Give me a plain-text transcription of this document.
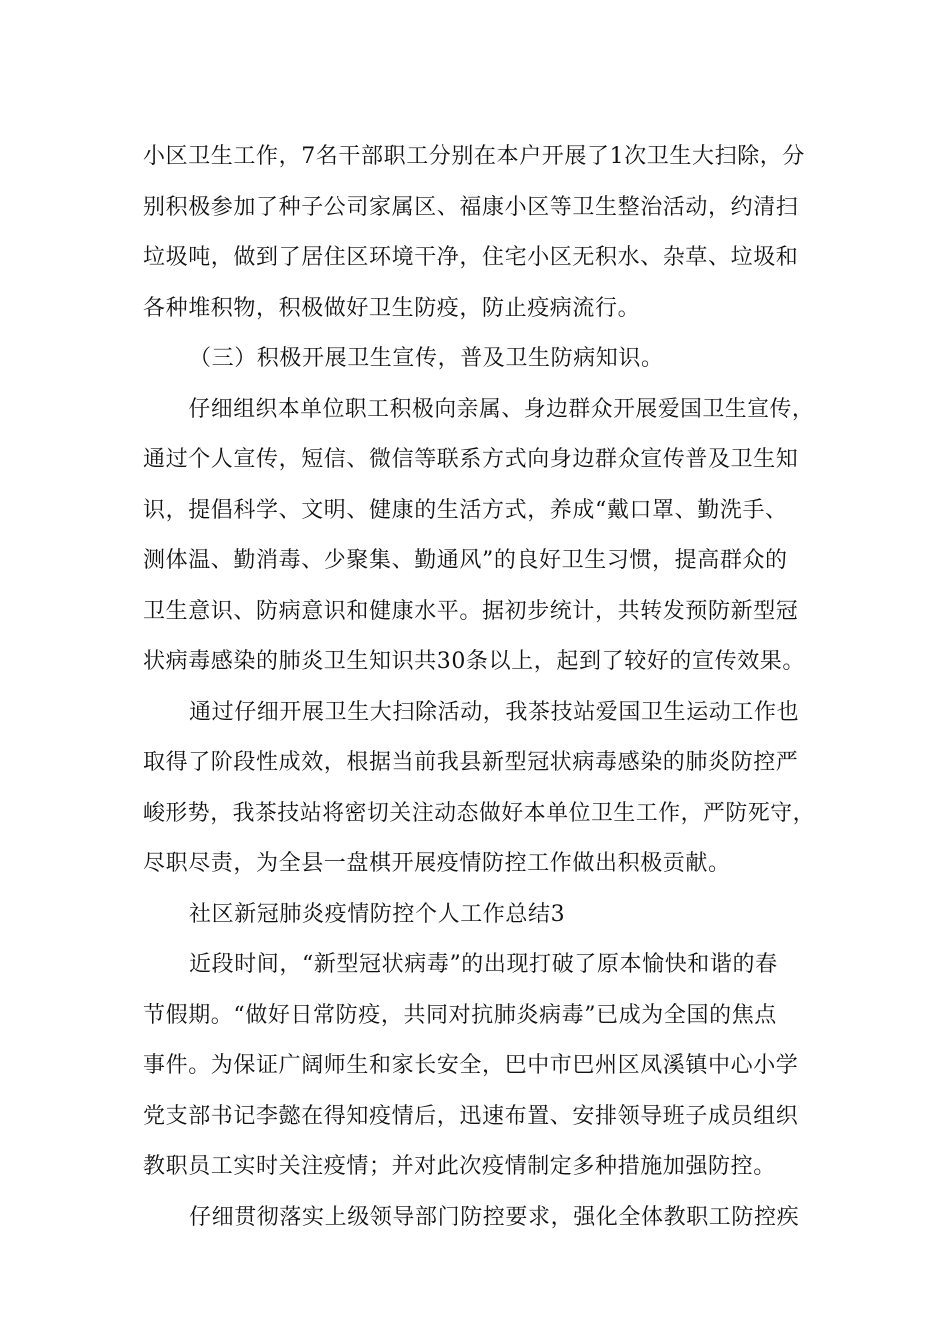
小区卫生工作，7名干部职工分别在本户开展了1次卫生大扫除，分
别积极参加了种子公司家属区、福康小区等卫生整治活动，约清扫
垃圾吨，做到了居住区环境干净，住宅小区无积水、杂草、垃圾和
各种堆积物，积极做好卫生防疫，防止疫病流行。
（三）积极开展卫生宣传，普及卫生防病知识。
仔细组织本单位职工积极向亲属、身边群众开展爱国卫生宣传，
通过个人宣传，短信、微信等联系方式向身边群众宣传普及卫生知
识，提倡科学、文明、健康的生活方式，养成“戴口罩、勤洗手、
测体温、勤消毒、少聚集、勤通风”的良好卫生习惯，提高群众的
卫生意识、防病意识和健康水平。据初步统计，共转发预防新型冠
状病毒感染的肺炎卫生知识共30条以上，起到了较好的宣传效果。
通过仔细开展卫生大扫除活动，我茶技站爱国卫生运动工作也
取得了阶段性成效，根据当前我县新型冠状病毒感染的肺炎防控严
峻形势，我茶技站将密切关注动态做好本单位卫生工作，严防死守，
尽职尽责，为全县一盘棋开展疫情防控工作做出积极贡献。
社区新冠肺炎疫情防控个人工作总结3
近段时间，“新型冠状病毒”的出现打破了原本愉快和谐的春
节假期。“做好日常防疫，共同对抗肺炎病毒”已成为全国的焦点
事件。为保证广阔师生和家长安全，巴中市巴州区凤溪镇中心小学
党支部书记李懿在得知疫情后，迅速布置、安排领导班子成员组织
教职员工实时关注疫情；并对此次疫情制定多种措施加强防控。
仔细贯彻落实上级领导部门防控要求，强化全体教职工防控疾
